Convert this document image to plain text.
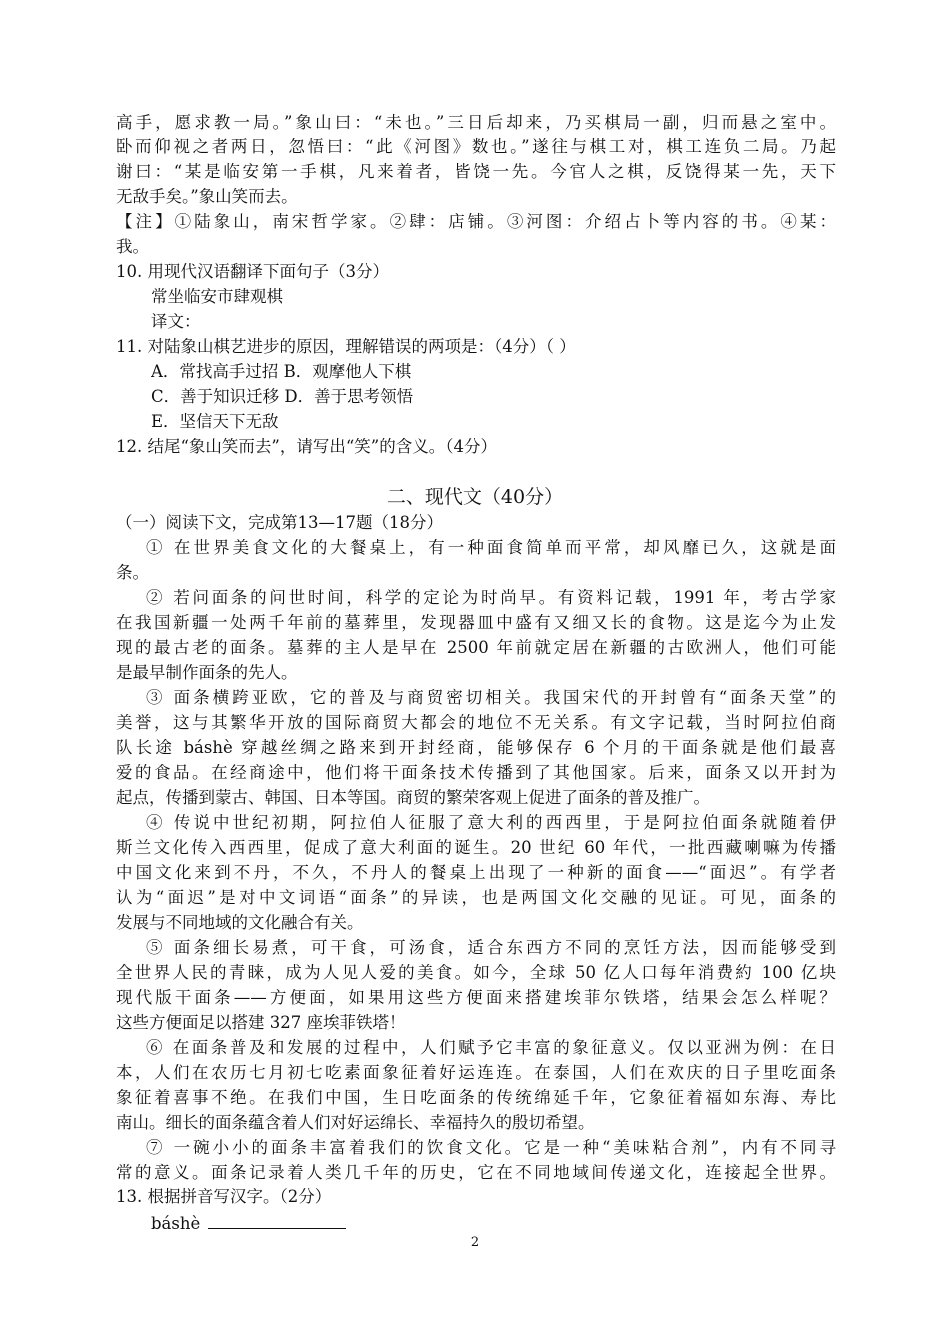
高手，愿求教一局。”象山曰：“未也。”三日后却来，乃买棋局一副，归而悬之室中。
卧而仰视之者两日，忽悟曰：“此《河图》数也。”遂往与棋工对，棋工连负二局。乃起
谢曰：“某是临安第一手棋，凡来着者，皆饶一先。今官人之棋，反饶得某一先，天下
无敌手矣。”象山笑而去。
【注】①陆象山，南宋哲学家。②肆：店铺。③河图：介绍占卜等内容的书。④某：
我。
10. 用现代汉语翻译下面句子（3分）
常坐临安市肆观棋
译文：
11. 对陆象山棋艺进步的原因，理解错误的两项是：（4分）（ ）
A．常找高手过招 B．观摩他人下棋
C．善于知识迁移 D．善于思考领悟
E．坚信天下无敌
12. 结尾“象山笑而去”，请写出“笑”的含义。（4分）
二、现代文（40分）
（一）阅读下文，完成第13—17题（18分）
① 在世界美食文化的大餐桌上，有一种面食简单而平常，却风靡已久，这就是面
条。
② 若问面条的问世时间，科学的定论为时尚早。有资料记载，1991 年，考古学家
在我国新疆一处两千年前的墓葬里，发现器皿中盛有又细又长的食物。这是迄今为止发
现的最古老的面条。墓葬的主人是早在 2500 年前就定居在新疆的古欧洲人，他们可能
是最早制作面条的先人。
③ 面条横跨亚欧，它的普及与商贸密切相关。我国宋代的开封曾有“面条天堂”的
美誉，这与其繁华开放的国际商贸大都会的地位不无关系。有文字记载，当时阿拉伯商
队长途 báshè 穿越丝绸之路来到开封经商，能够保存 6 个月的干面条就是他们最喜
爱的食品。在经商途中，他们将干面条技术传播到了其他国家。后来，面条又以开封为
起点，传播到蒙古、韩国、日本等国。商贸的繁荣客观上促进了面条的普及推广。
④ 传说中世纪初期，阿拉伯人征服了意大利的西西里，于是阿拉伯面条就随着伊
斯兰文化传入西西里，促成了意大利面的诞生。20 世纪 60 年代，一批西藏喇嘛为传播
中国文化来到不丹，不久，不丹人的餐桌上出现了一种新的面食——“面迟”。有学者
认为“面迟”是对中文词语“面条”的异读，也是两国文化交融的见证。可见，面条的
发展与不同地域的文化融合有关。
⑤ 面条细长易煮，可干食，可汤食，适合东西方不同的烹饪方法，因而能够受到
全世界人民的青睐，成为人见人爱的美食。如今，全球 50 亿人口每年消费約 100 亿块
现代版干面条——方便面，如果用这些方便面来搭建埃菲尔铁塔，结果会怎么样呢？
这些方便面足以搭建 327 座埃菲铁塔！
⑥ 在面条普及和发展的过程中，人们赋予它丰富的象征意义。仅以亚洲为例：在日
本，人们在农历七月初七吃素面象征着好运连连。在泰国，人们在欢庆的日子里吃面条
象征着喜事不绝。在我们中国，生日吃面条的传统绵延千年，它象征着福如东海、寿比
南山。细长的面条蕴含着人们对好运绵长、幸福持久的殷切希望。
⑦ 一碗小小的面条丰富着我们的饮食文化。它是一种“美味粘合剂”，内有不同寻
常的意义。面条记录着人类几千年的历史，它在不同地域间传递文化，连接起全世界。
13. 根据拼音写汉字。（2分）
báshè
2
